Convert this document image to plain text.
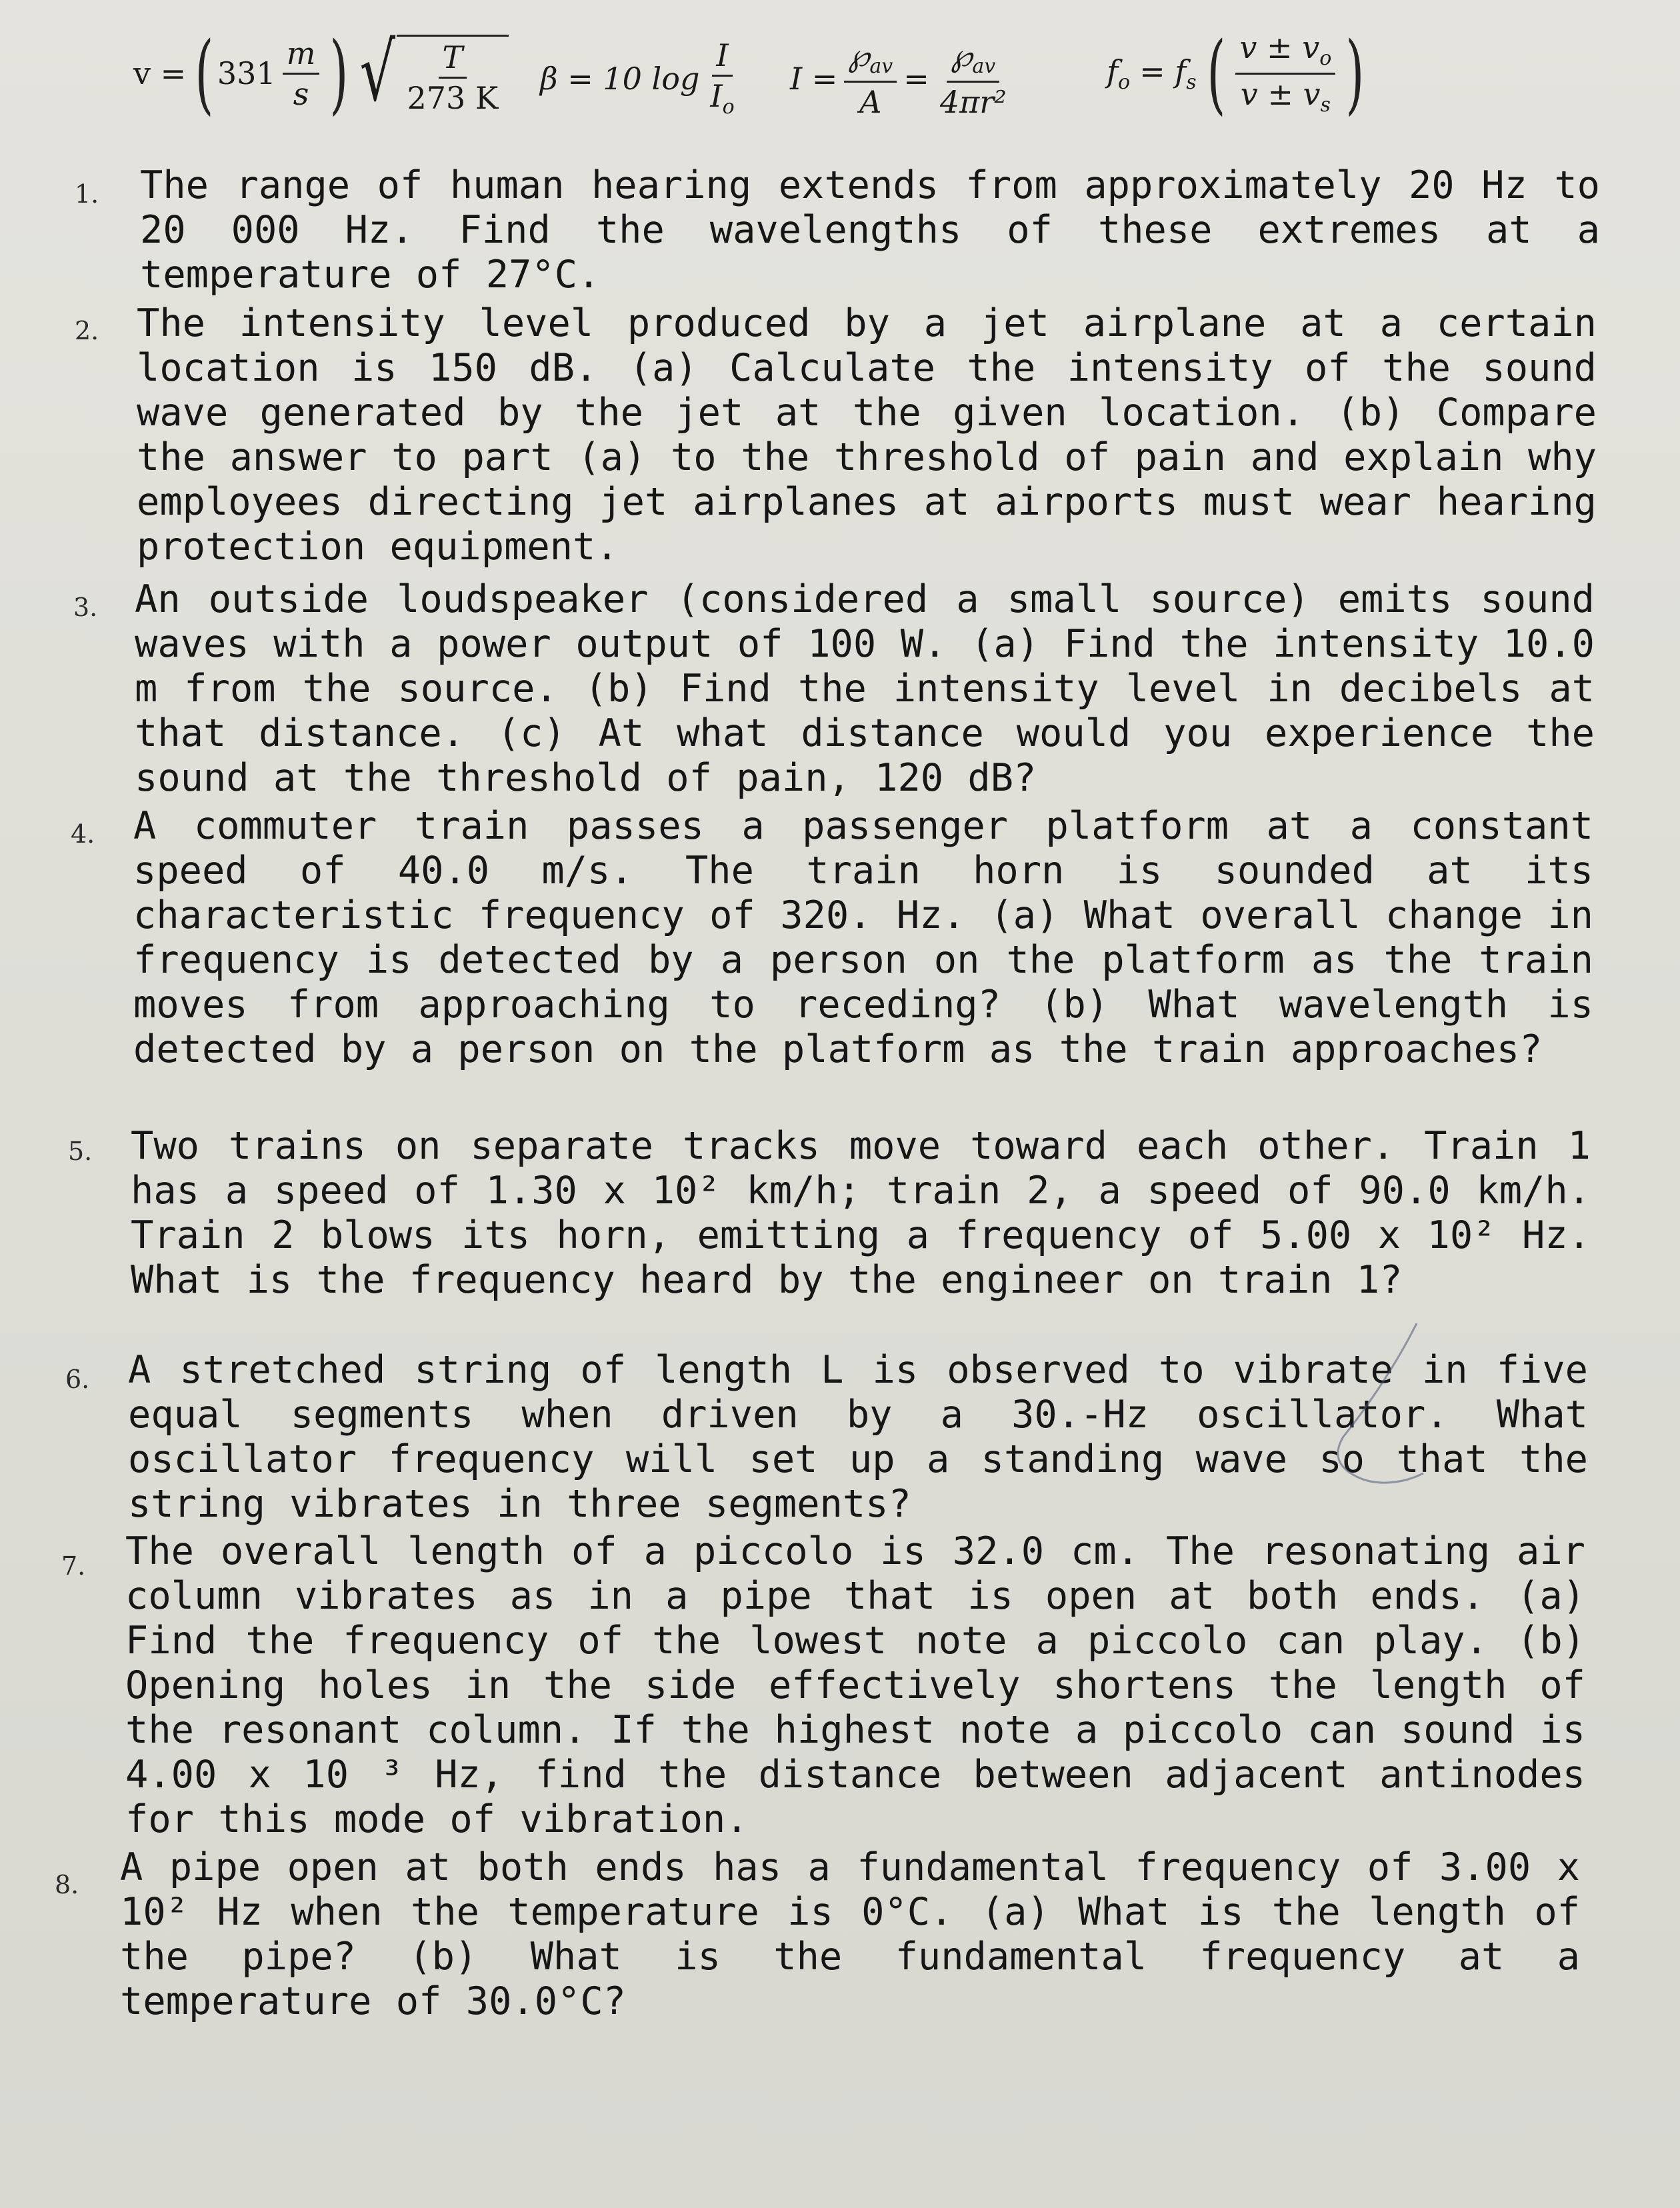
v = ( $331 \frac{m}{s}$ ) √ $\frac{T}{273 K}$ β = 10 $\log \frac{I}{I_o}$ $I = \frac{℘_{av}}{A} = \frac{℘_{av}}{\text{4πr²}}$	$f_o = f_s$ ( $\frac{v \pm v_o}{v \pm v_s}$ )
1. The range of human hearing extends from approximately 20 Hz to 20 000 Hz. Find the wavelengths of these extremes at a temperature of 27°C.
2. The intensity level produced by a jet airplane at a certain location is 150 dB. (a) Calculate the intensity of the sound wave generated by the jet at the given location. (b) Compare the answer to part (a) to the threshold of pain and explain why employees directing jet airplanes at airports must wear hearing protection equipment.
3. An outside loudspeaker (considered a small source) emits sound waves with a power output of 100 W. (a) Find the intensity 10.0 m from the source. (b) Find the intensity level in decibels at that distance. (c) At what distance would you experience the sound at the threshold of pain, 120 dB?
4. A commuter train passes a passenger platform at a constant speed of 40.0 m/s. The train horn is sounded at its characteristic frequency of 320. Hz. (a) What overall change in frequency is detected by a person on the platform as the train moves from approaching to receding? (b) What wavelength is detected by a person on the platform as the train approaches?
5. Two trains on separate tracks move toward each other. Train 1 has a speed of 1.30 x 10² km/h; train 2, a speed of 90.0 km/h. Train 2 blows its horn, emitting a frequency of 5.00 x 10² Hz. What is the frequency heard by the engineer on train 1?
6. A stretched string of length L is observed to vibrate in five equal segments when driven by a 30.-Hz oscillator. What oscillator frequency will set up a standing wave so that the string vibrates in three segments?
7. The overall length of a piccolo is 32.0 cm. The resonating air column vibrates as in a pipe that is open at both ends. (a) Find the frequency of the lowest note a piccolo can play. (b) Opening holes in the side effectively shortens the length of the resonant column. If the highest note a piccolo can sound is 4.00 x 10 ³ Hz, find the distance between adjacent antinodes for this mode of vibration.
8. A pipe open at both ends has a fundamental frequency of 3.00 x 10² Hz when the temperature is 0°C. (a) What is the length of the pipe? (b) What is the fundamental frequency at a temperature of 30.0°C?
